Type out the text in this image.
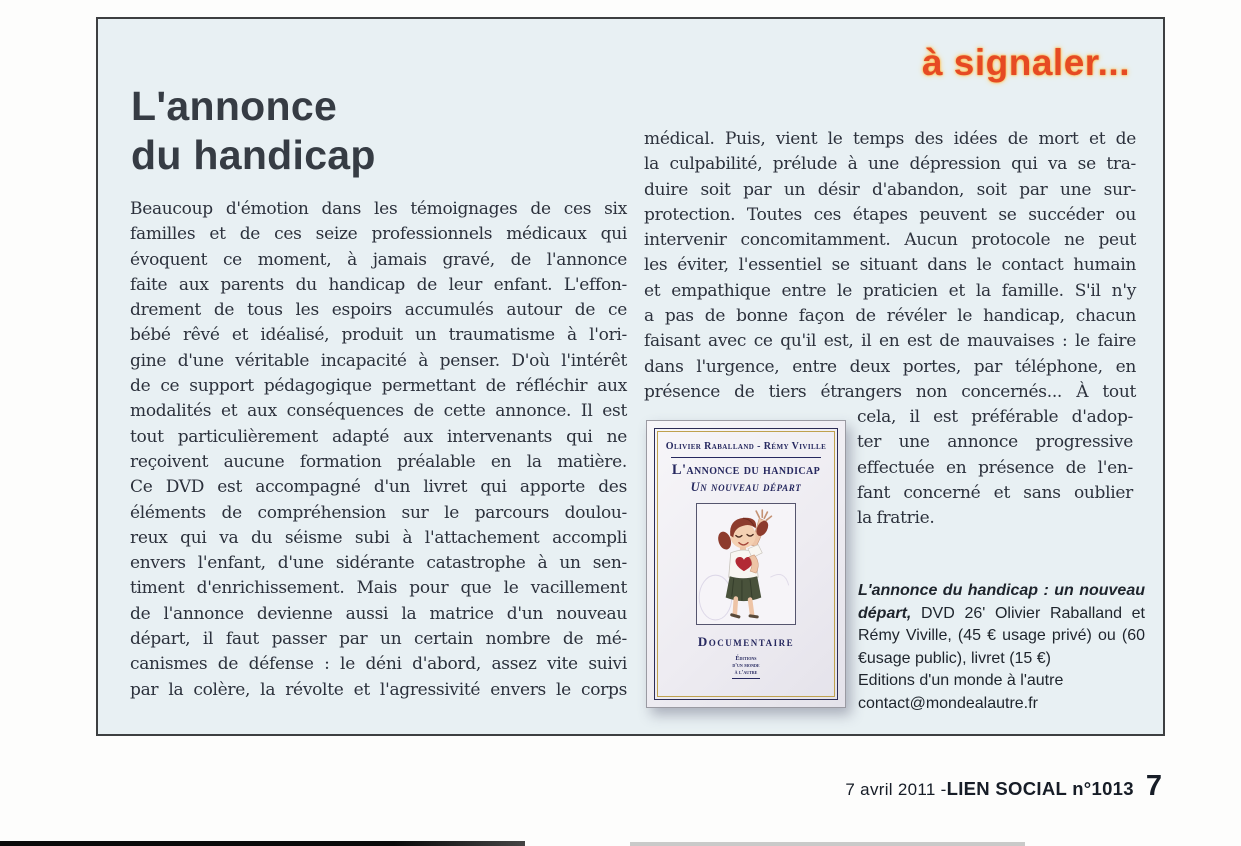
à signaler...
L'annonce
du handicap
Beaucoup d'émotion dans les témoignages de ces six
familles et de ces seize professionnels médicaux qui
évoquent ce moment, à jamais gravé, de l'annonce
faite aux parents du handicap de leur enfant. L'effon-
drement de tous les espoirs accumulés autour de ce
bébé rêvé et idéalisé, produit un traumatisme à l'ori-
gine d'une véritable incapacité à penser. D'où l'intérêt
de ce support pédagogique permettant de réfléchir aux
modalités et aux conséquences de cette annonce. Il est
tout particulièrement adapté aux intervenants qui ne
reçoivent aucune formation préalable en la matière.
Ce DVD est accompagné d'un livret qui apporte des
éléments de compréhension sur le parcours doulou-
reux qui va du séisme subi à l'attachement accompli
envers l'enfant, d'une sidérante catastrophe à un sen-
timent d'enrichissement. Mais pour que le vacillement
de l'annonce devienne aussi la matrice d'un nouveau
départ, il faut passer par un certain nombre de mé-
canismes de défense : le déni d'abord, assez vite suivi
par la colère, la révolte et l'agressivité envers le corps
médical. Puis, vient le temps des idées de mort et de
la culpabilité, prélude à une dépression qui va se tra-
duire soit par un désir d'abandon, soit par une sur-
protection. Toutes ces étapes peuvent se succéder ou
intervenir concomitamment. Aucun protocole ne peut
les éviter, l'essentiel se situant dans le contact humain
et empathique entre le praticien et la famille. S'il n'y
a pas de bonne façon de révéler le handicap, chacun
faisant avec ce qu'il est, il en est de mauvaises : le faire
dans l'urgence, entre deux portes, par téléphone, en
présence de tiers étrangers non concernés... À tout
cela, il est préférable d'adop-
ter une annonce progressive
effectuée en présence de l'en-
fant concerné et sans oublier
la fratrie.
Olivier Raballand - Rémy Viville
L'annonce du handicap
Un nouveau départ
Documentaire
Éditions
d'un monde
à l'autre

L'annonce du handicap : un nouveau départ, DVD 26' Olivier Raballand et Rémy Viville, (45 € usage privé) ou (60 €usage public), livret (15 €)

Editions d'un monde à l'autre
contact@mondealautre.fr
7 avril 2011 - LIEN SOCIAL n°1013 7
